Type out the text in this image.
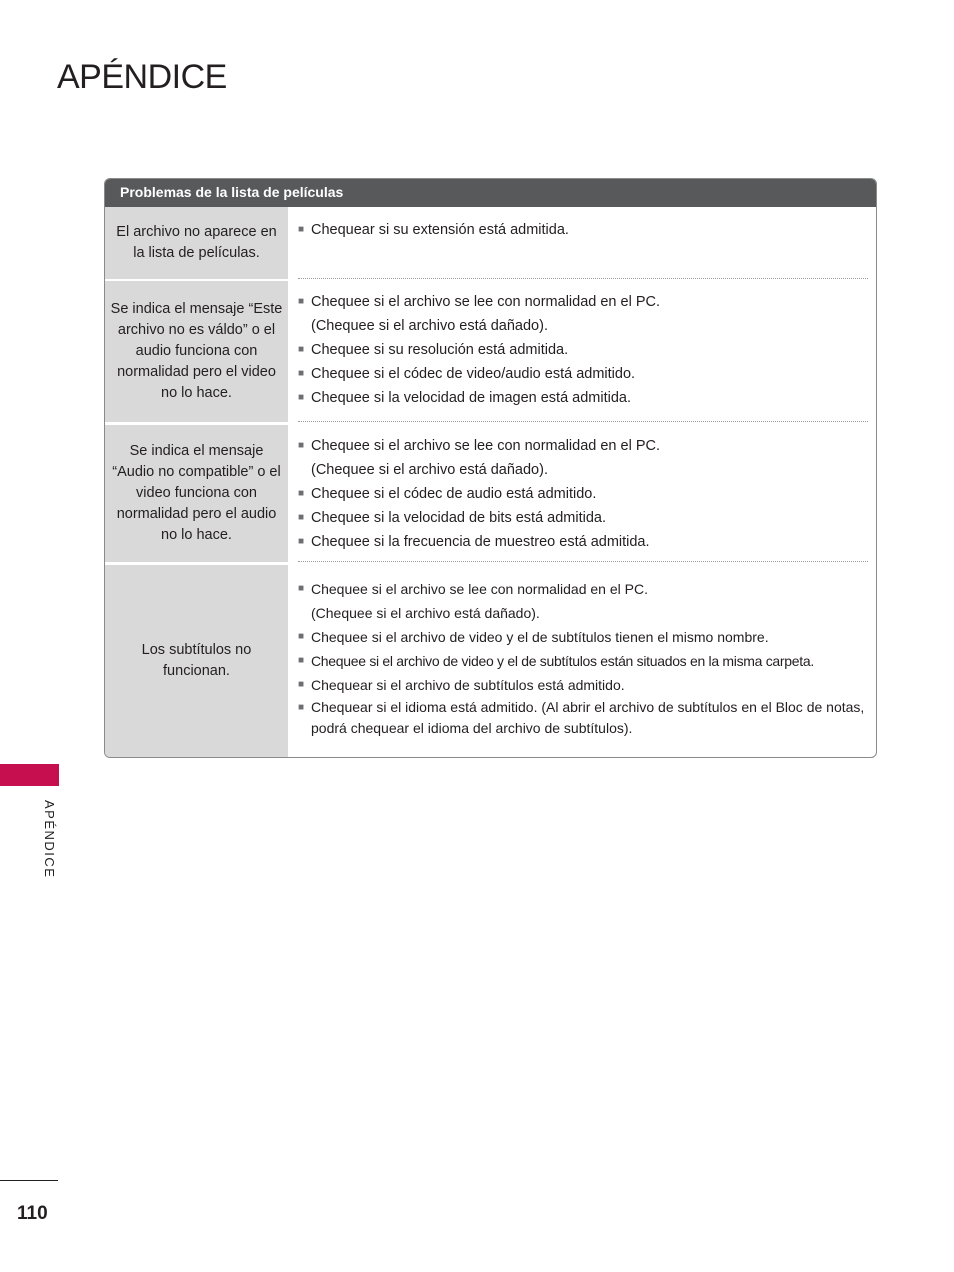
APÉNDICE
Problemas de la lista de películas
El archivo no aparece en la lista de películas.
■ Chequear si su extensión está admitida.
Se indica el mensaje “Este archivo no es váldo” o el audio funciona con normalidad pero el video no lo hace.
■ Chequee si el archivo se lee con normalidad en el PC.
(Chequee si el archivo está dañado).
■ Chequee si su resolución está admitida.
■ Chequee si el códec de video/audio está admitido.
■ Chequee si la velocidad de imagen está admitida.
Se indica el mensaje “Audio no compatible” o el video funciona con normalidad pero el audio no lo hace.
■ Chequee si el archivo se lee con normalidad en el PC.
(Chequee si el archivo está dañado).
■ Chequee si el códec de audio está admitido.
■ Chequee si la velocidad de bits está admitida.
■ Chequee si la frecuencia de muestreo está admitida.
Los subtítulos no funcionan.
■ Chequee si el archivo se lee con normalidad en el PC.
(Chequee si el archivo está dañado).
■ Chequee si el archivo de video y el de subtítulos tienen el mismo nombre.
■ Chequee si el archivo de video y el de subtítulos están situados en la misma carpeta.
■ Chequear si el archivo de subtítulos está admitido.
■ Chequear si el idioma está admitido. (Al abrir el archivo de subtítulos en el Bloc de notas, podrá chequear el idioma del archivo de subtítulos).
APÉNDICE
110
